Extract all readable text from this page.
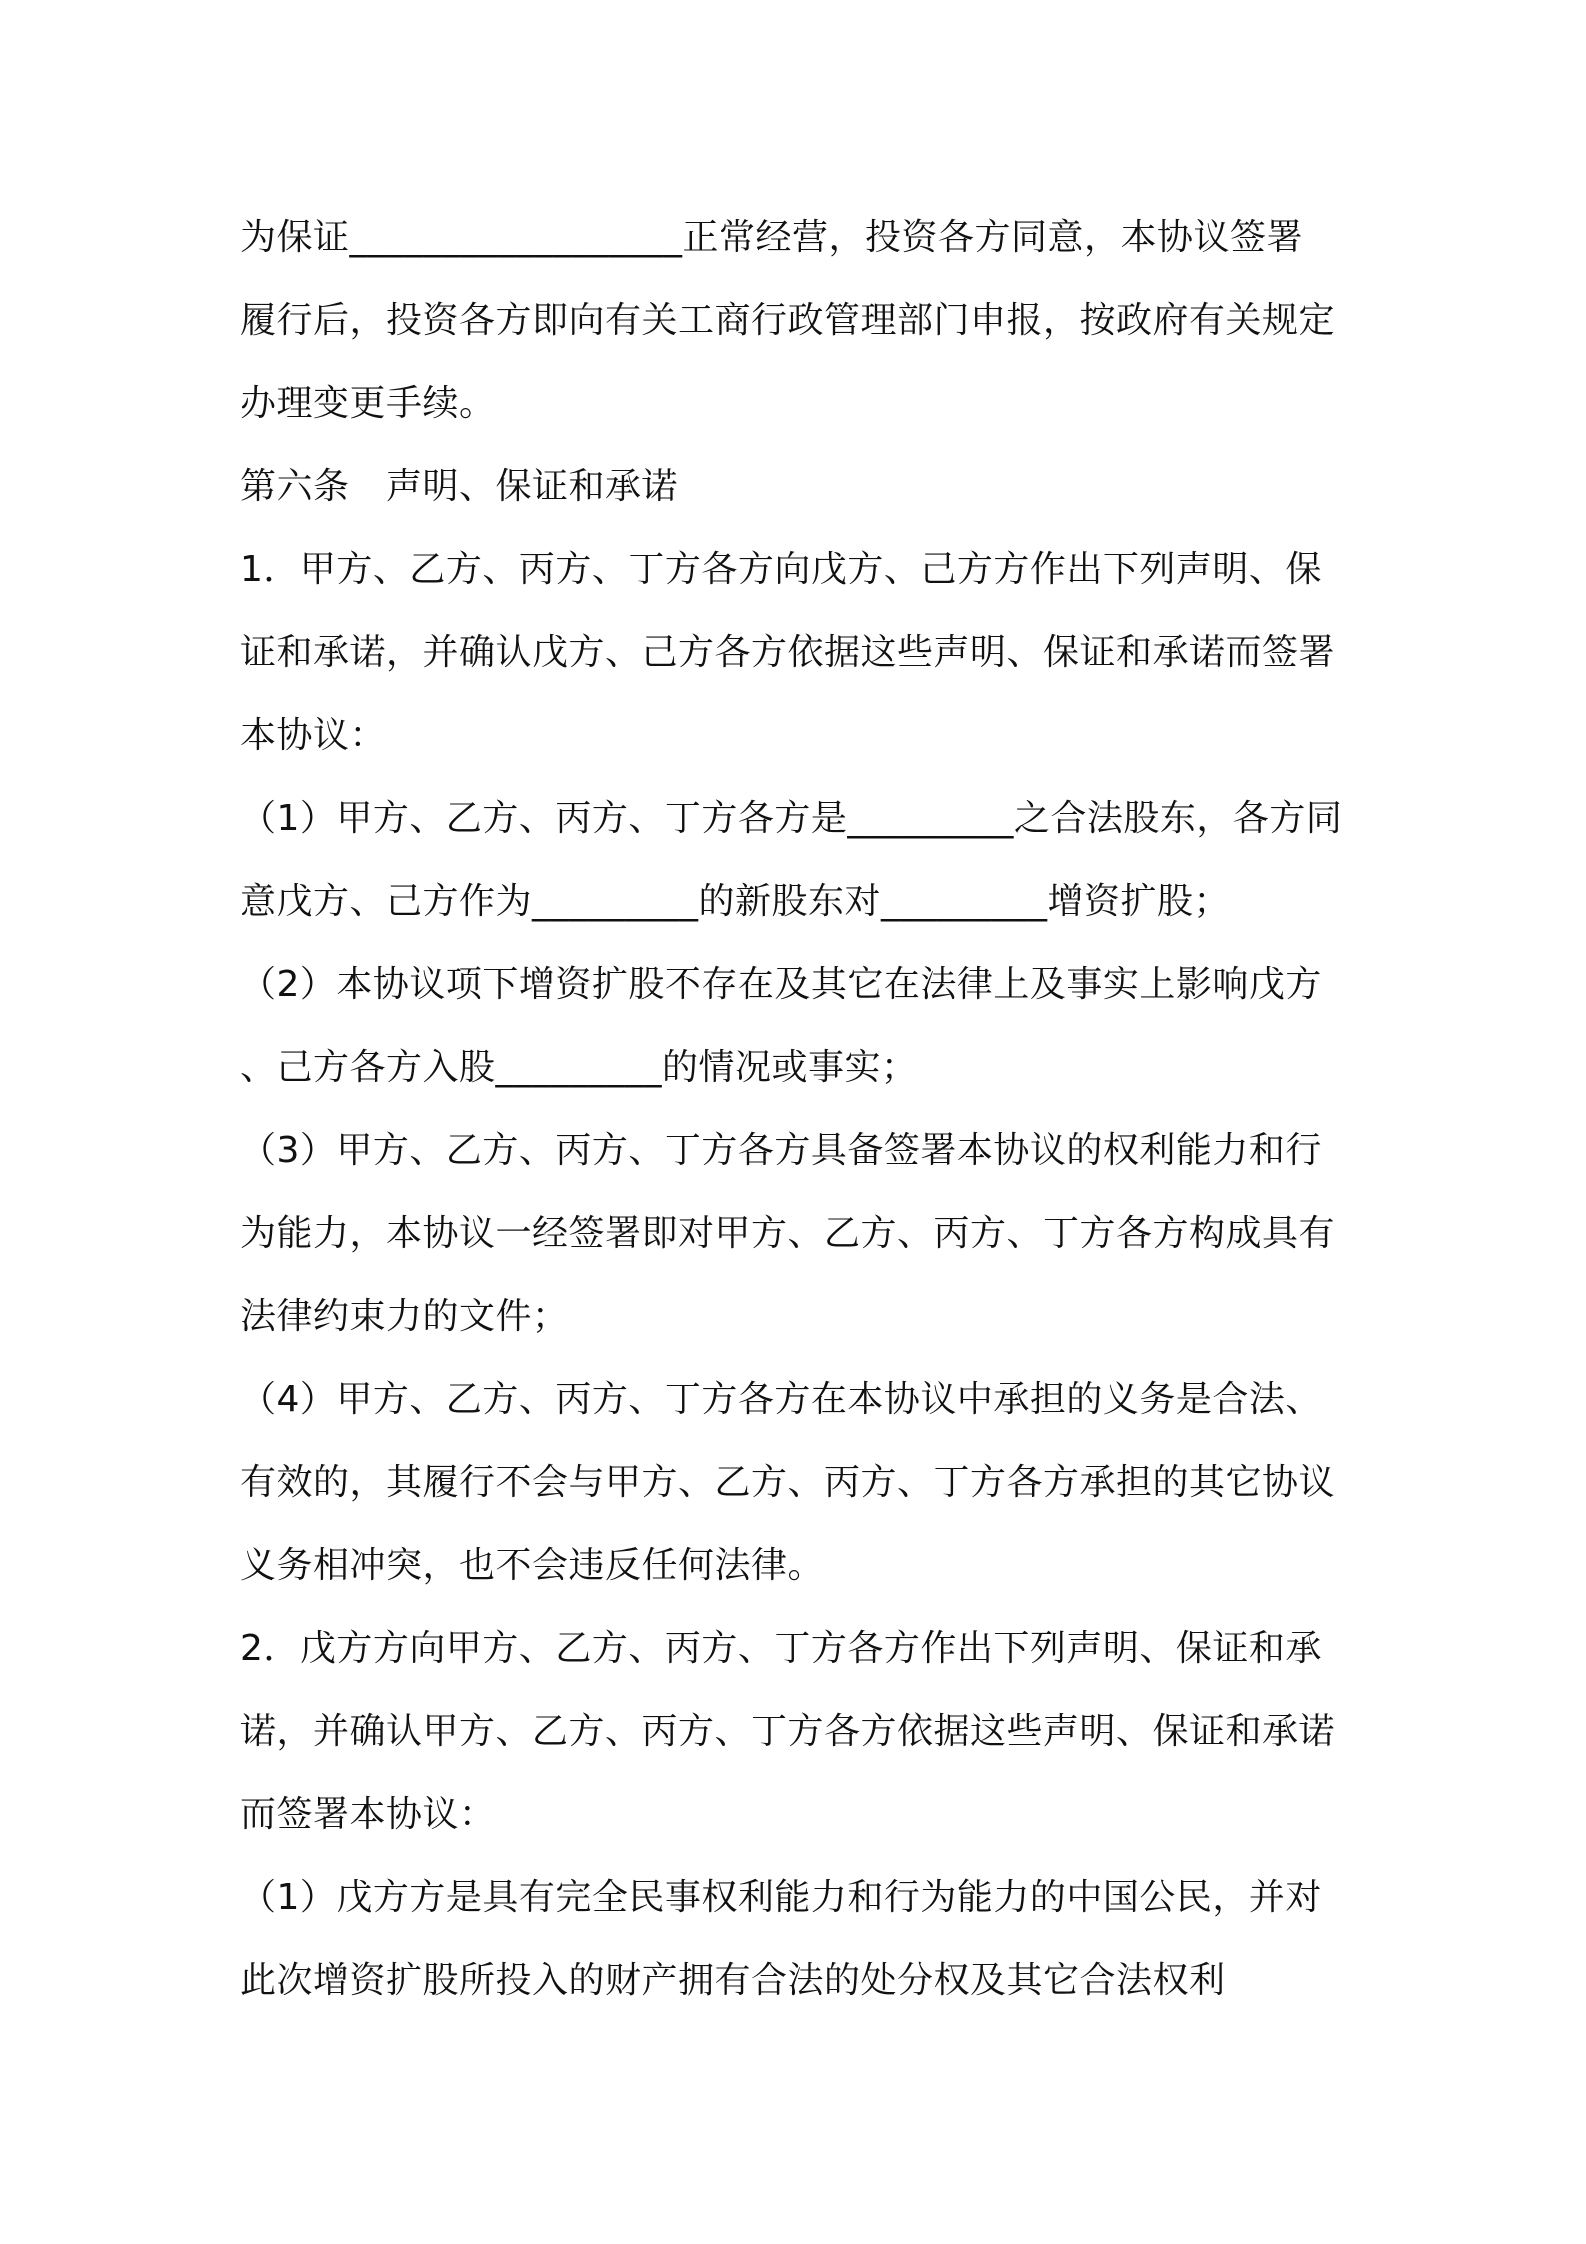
为保证__________________正常经营，投资各方同意，本协议签署
履行后，投资各方即向有关工商行政管理部门申报，按政府有关规定
办理变更手续。
第六条　声明、保证和承诺
1．甲方、乙方、丙方、丁方各方向戊方、己方方作出下列声明、保
证和承诺，并确认戊方、己方各方依据这些声明、保证和承诺而签署
本协议：
（1）甲方、乙方、丙方、丁方各方是_________之合法股东，各方同
意戊方、己方作为_________的新股东对_________增资扩股；
（2）本协议项下增资扩股不存在及其它在法律上及事实上影响戊方
、己方各方入股_________的情况或事实；
（3）甲方、乙方、丙方、丁方各方具备签署本协议的权利能力和行
为能力，本协议一经签署即对甲方、乙方、丙方、丁方各方构成具有
法律约束力的文件；
（4）甲方、乙方、丙方、丁方各方在本协议中承担的义务是合法、
有效的，其履行不会与甲方、乙方、丙方、丁方各方承担的其它协议
义务相冲突，也不会违反任何法律。
2．戊方方向甲方、乙方、丙方、丁方各方作出下列声明、保证和承
诺，并确认甲方、乙方、丙方、丁方各方依据这些声明、保证和承诺
而签署本协议：
（1）戊方方是具有完全民事权利能力和行为能力的中国公民，并对
此次增资扩股所投入的财产拥有合法的处分权及其它合法权利
